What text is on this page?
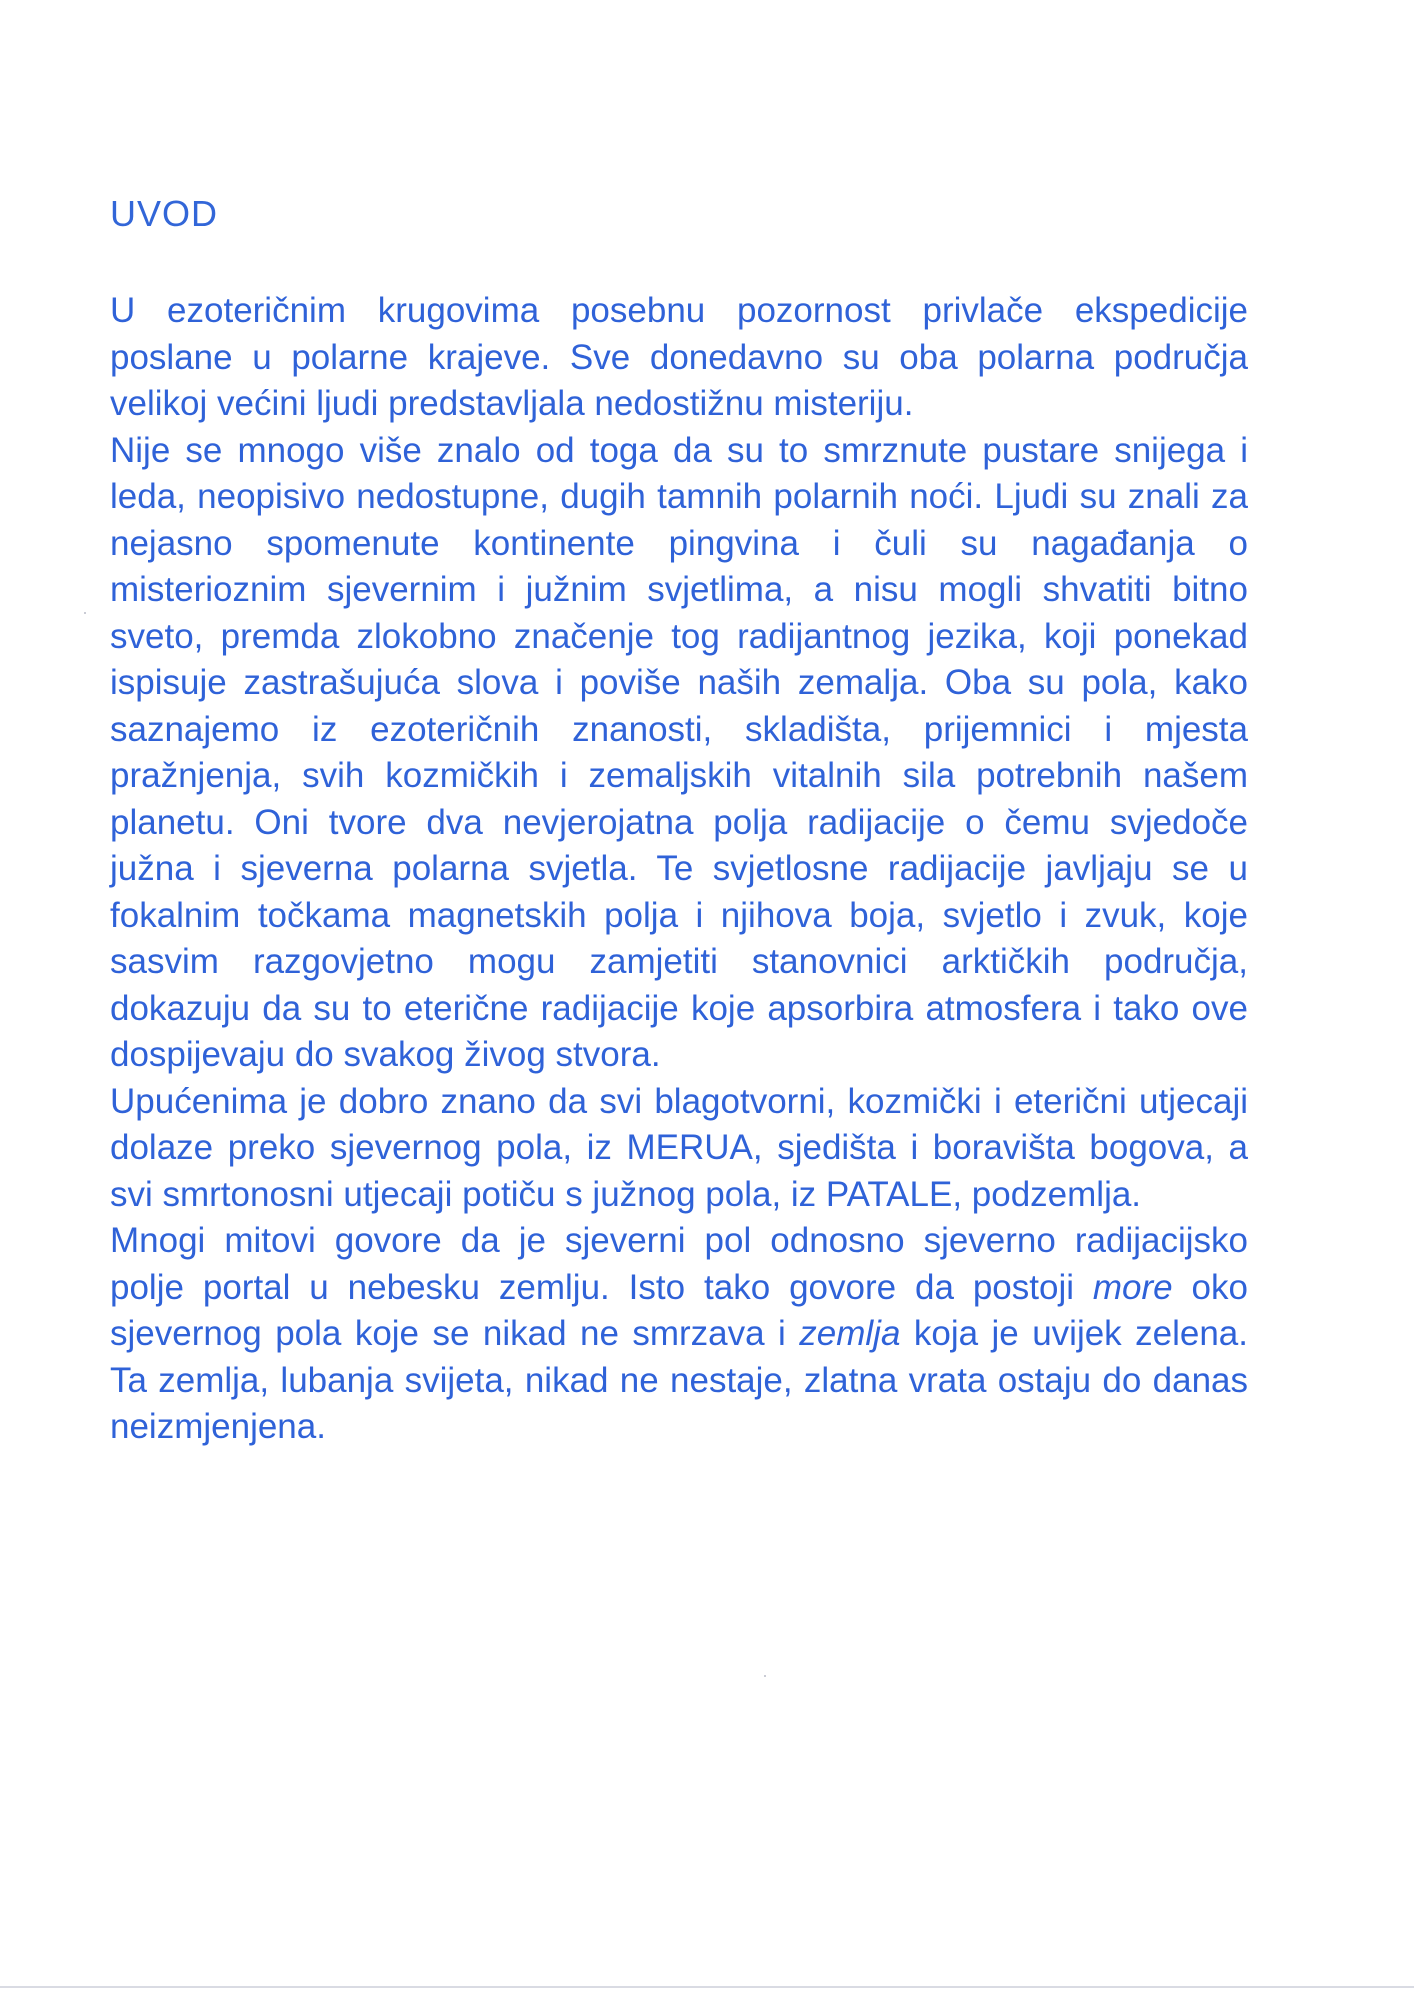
UVOD

U ezoteričnim krugovima posebnu pozornost privlače ekspedicije poslane u polarne krajeve. Sve donedavno su oba polarna područja velikoj većini ljudi predstavljala nedostižnu misteriju.

Nije se mnogo više znalo od toga da su to smrznute pustare snijega i leda, neopisivo nedostupne, dugih tamnih polarnih noći. Ljudi su znali za nejasno spomenute kontinente pingvina i čuli su nagađanja o misterioznim sjevernim i južnim svjetlima, a nisu mogli shvatiti bitno sveto, premda zlokobno značenje tog radijantnog jezika, koji ponekad ispisuje zastrašujuća slova i poviše naših zemalja. Oba su pola, kako saznajemo iz ezoteričnih znanosti, skladišta, prijemnici i mjesta pražnjenja, svih kozmičkih i zemaljskih vitalnih sila potrebnih našem planetu. Oni tvore dva nevjerojatna polja radijacije o čemu svjedoče južna i sjeverna polarna svjetla. Te svjetlosne radijacije javljaju se u fokalnim točkama magnetskih polja i njihova boja, svjetlo i zvuk, koje sasvim razgovjetno mogu zamjetiti stanovnici arktičkih područja, dokazuju da su to eterične radijacije koje apsorbira atmosfera i tako ove dospijevaju do svakog živog stvora.

Upućenima je dobro znano da svi blagotvorni, kozmički i eterični utjecaji dolaze preko sjevernog pola, iz MERUA, sjedišta i boravišta bogova, a svi smrtonosni utjecaji potiču s južnog pola, iz PATALE, podzemlja.

Mnogi mitovi govore da je sjeverni pol odnosno sjeverno radijacijsko polje portal u nebesku zemlju. Isto tako govore da postoji more oko sjevernog pola koje se nikad ne smrzava i zemlja koja je uvijek zelena. Ta zemlja, lubanja svijeta, nikad ne nestaje, zlatna vrata ostaju do danas neizmjenjena.
